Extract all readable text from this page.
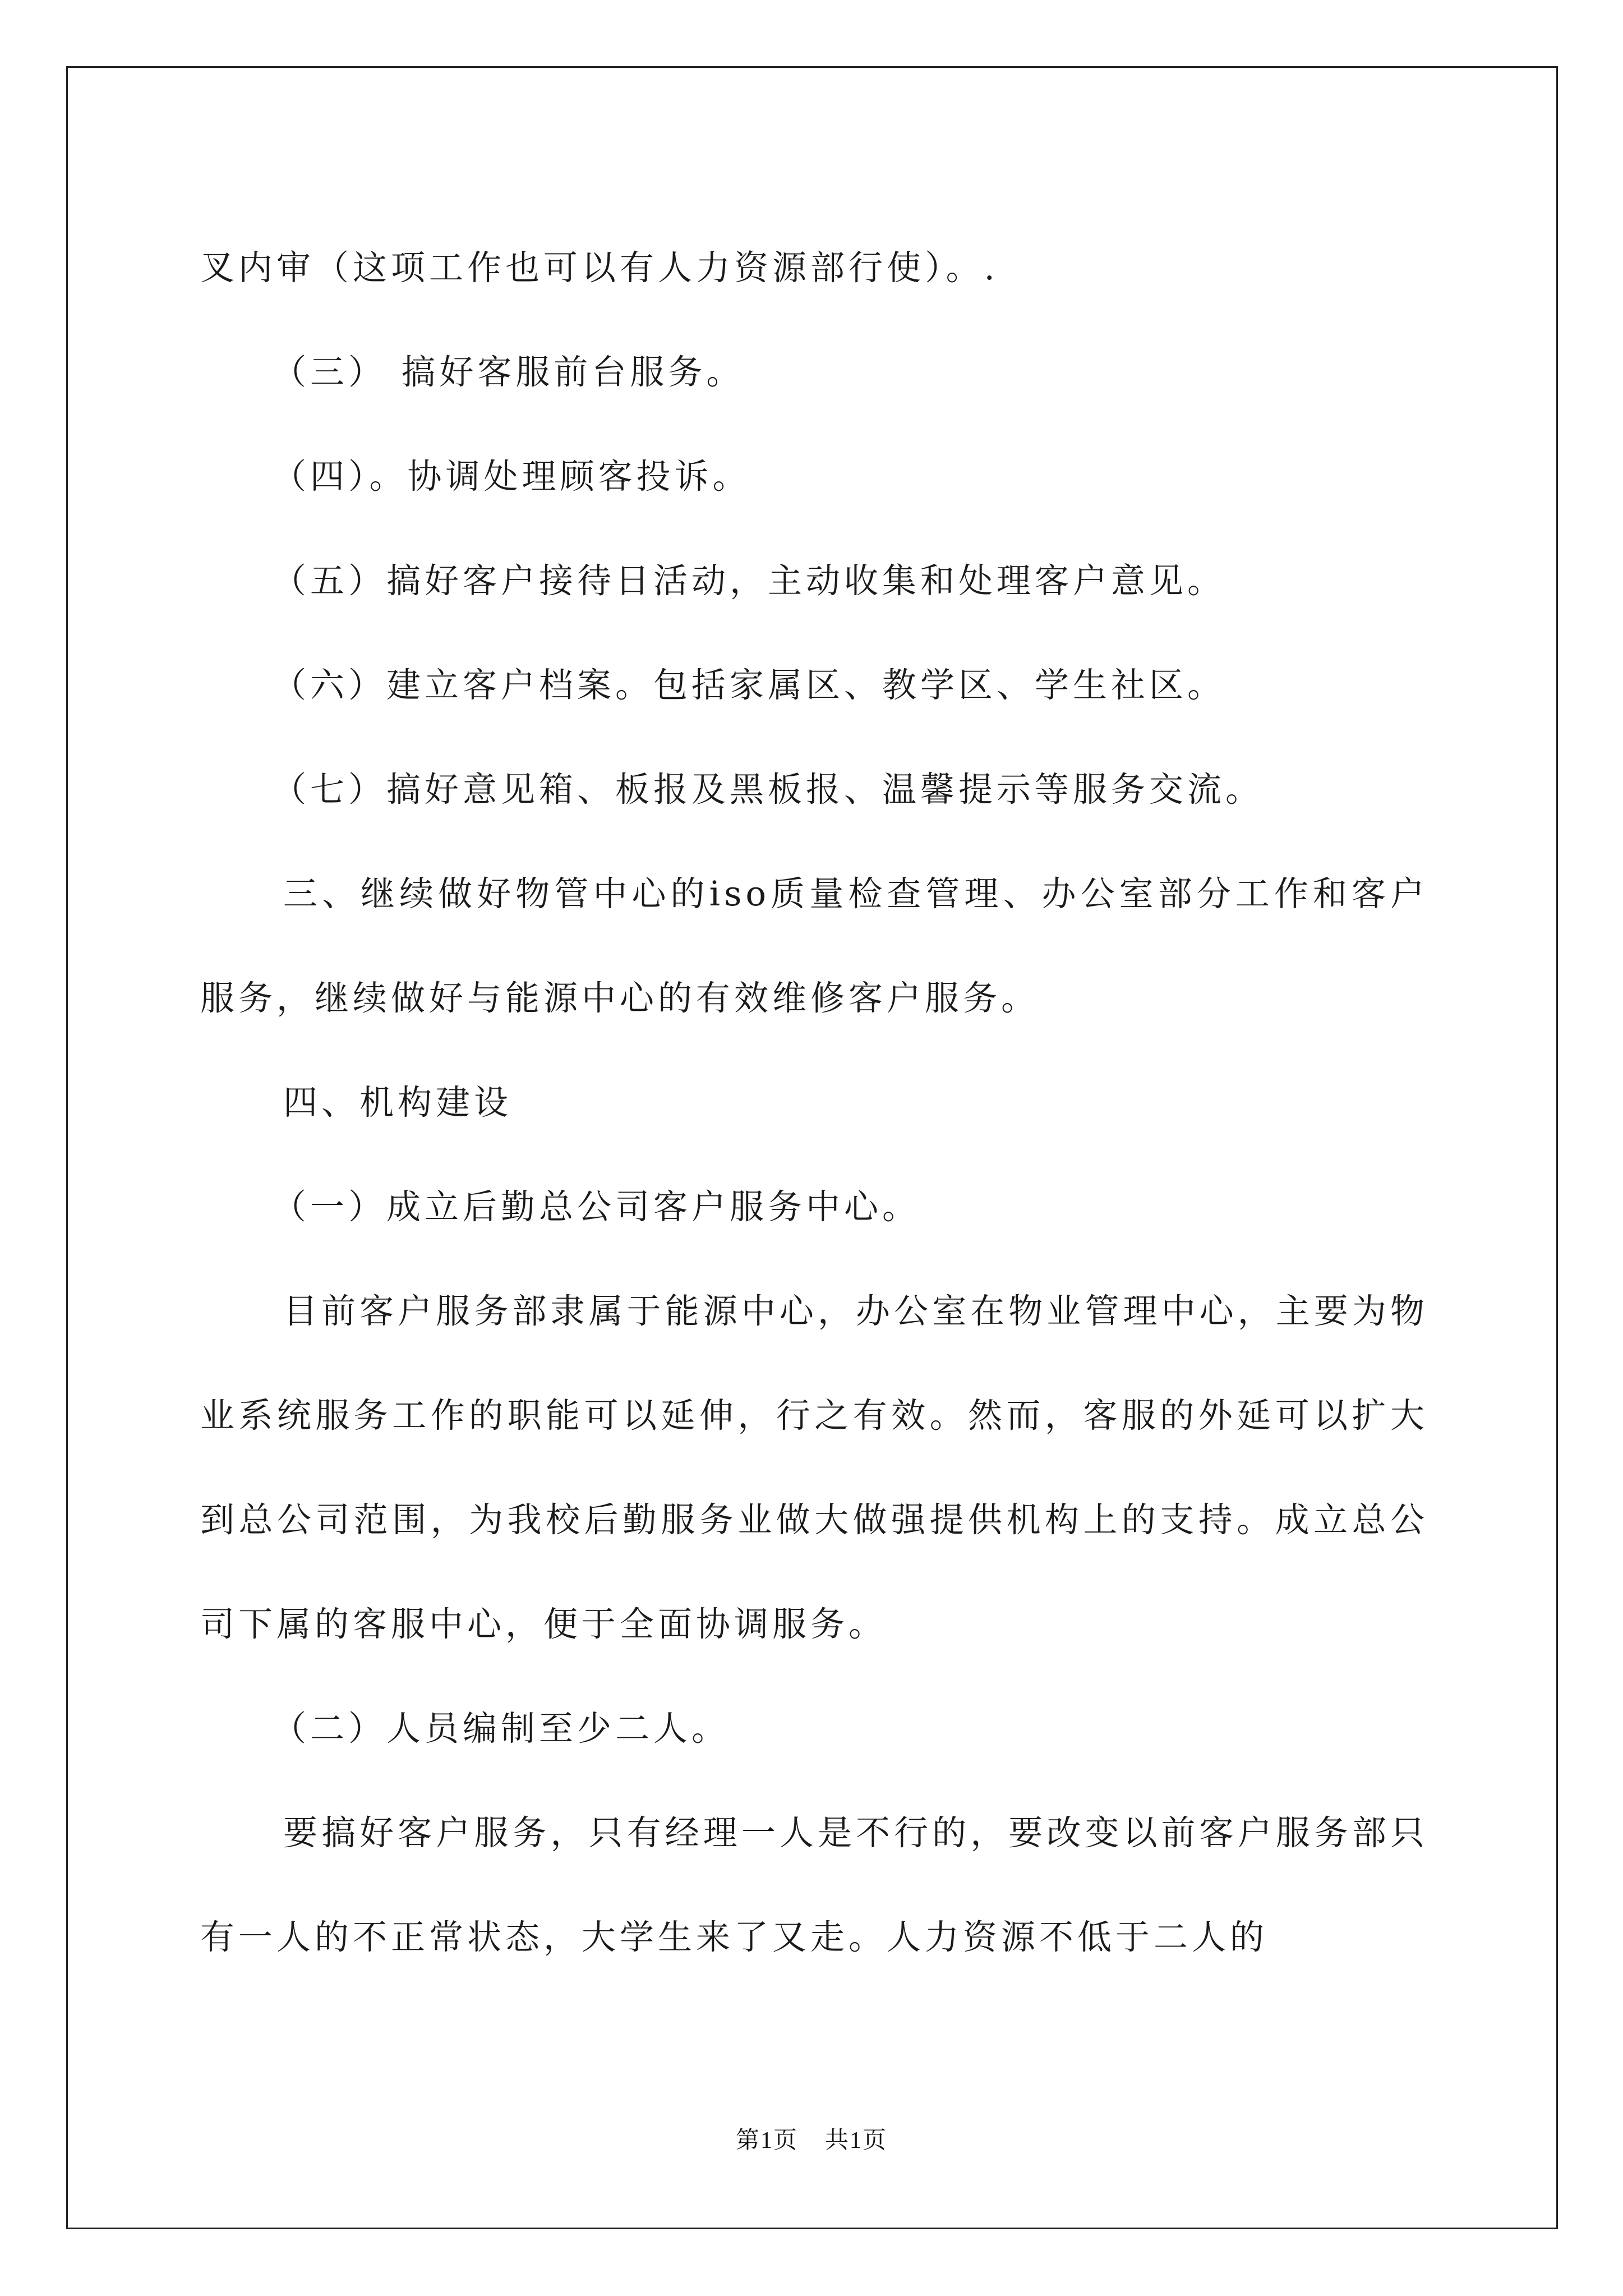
叉内审（这项工作也可以有人力资源部行使）。.

（三） 搞好客服前台服务。

（四）。协调处理顾客投诉。

（五）搞好客户接待日活动，主动收集和处理客户意见。

（六）建立客户档案。包括家属区、教学区、学生社区。

（七）搞好意见箱、板报及黑板报、温馨提示等服务交流。

三、继续做好物管中心的iso质量检查管理、办公室部分工作和客户服务，继续做好与能源中心的有效维修客户服务。

四、机构建设

（一）成立后勤总公司客户服务中心。

目前客户服务部隶属于能源中心，办公室在物业管理中心，主要为物业系统服务工作的职能可以延伸，行之有效。然而，客服的外延可以扩大到总公司范围，为我校后勤服务业做大做强提供机构上的支持。成立总公司下属的客服中心，便于全面协调服务。

（二）人员编制至少二人。

要搞好客户服务，只有经理一人是不行的，要改变以前客户服务部只有一人的不正常状态，大学生来了又走。人力资源不低于二人的

第1页 共1页
